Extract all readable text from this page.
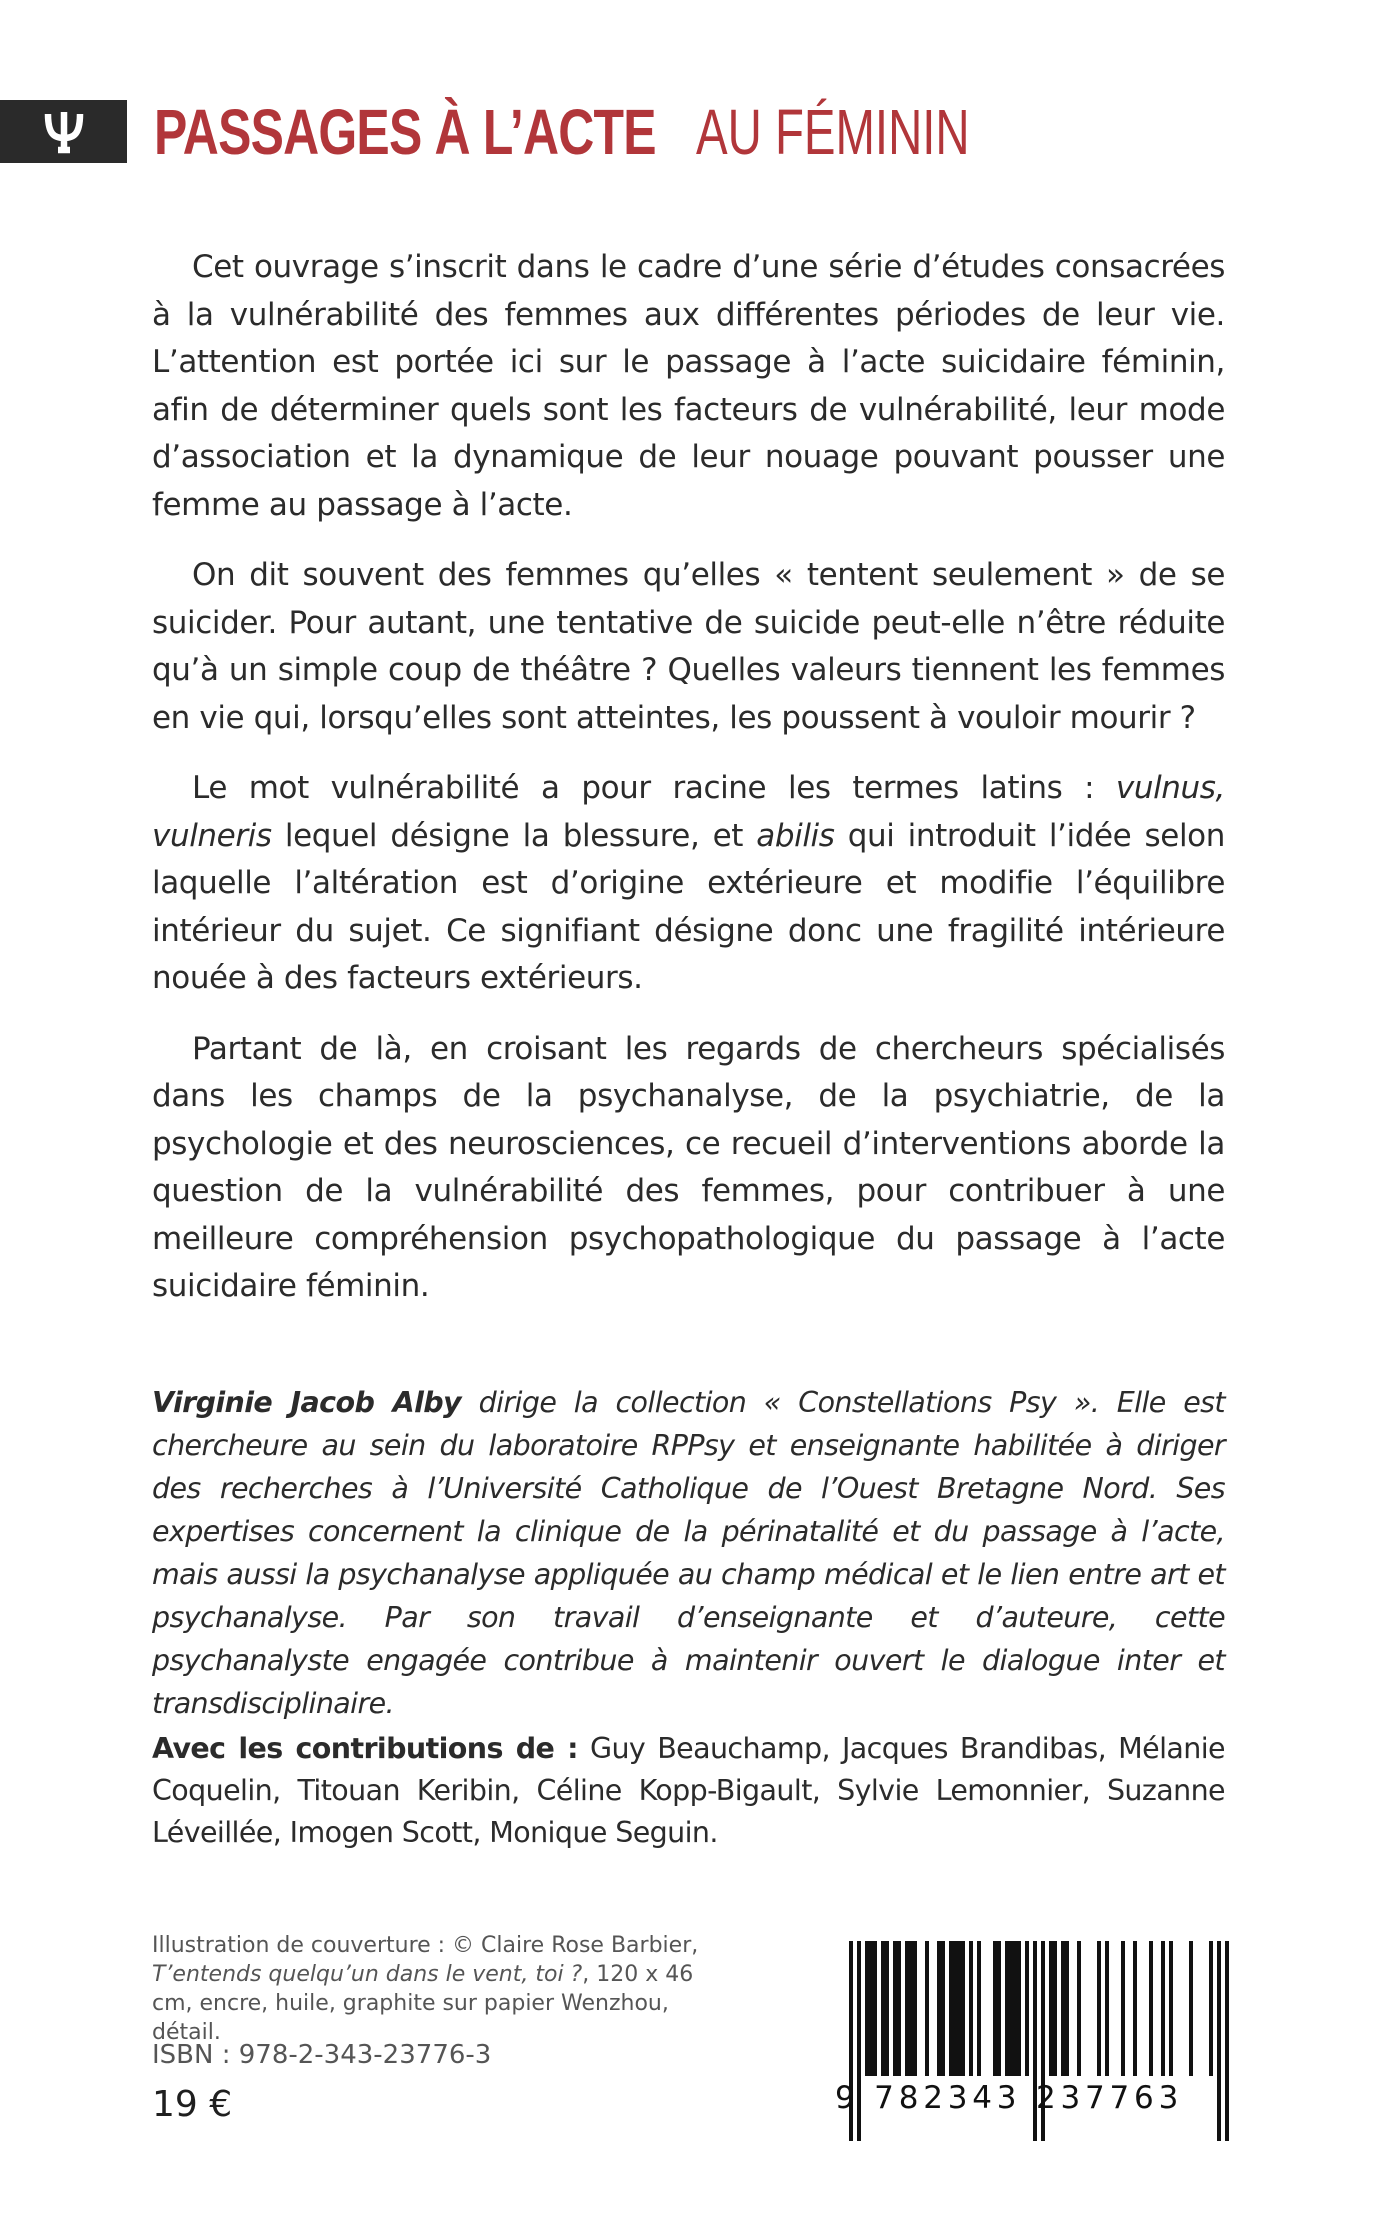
PASSAGES À L’ACTE AU FÉMININ

Cet ouvrage s’inscrit dans le cadre d’une série d’études consacrées à la vulnérabilité des femmes aux différentes périodes de leur vie. L’attention est portée ici sur le passage à l’acte suicidaire féminin, afin de déterminer quels sont les facteurs de vulnérabilité, leur mode d’association et la dynamique de leur nouage pouvant pousser une femme au passage à l’acte.

On dit souvent des femmes qu’elles « tentent seulement » de se suicider. Pour autant, une tentative de suicide peut-elle n’être réduite qu’à un simple coup de théâtre ? Quelles valeurs tiennent les femmes en vie qui, lorsqu’elles sont atteintes, les poussent à vouloir mourir ?

Le mot vulnérabilité a pour racine les termes latins : vulnus, vulneris lequel désigne la blessure, et abilis qui introduit l’idée selon laquelle l’altération est d’origine extérieure et modifie l’équilibre intérieur du sujet. Ce signifiant désigne donc une fragilité intérieure nouée à des facteurs extérieurs.

Partant de là, en croisant les regards de chercheurs spécialisés dans les champs de la psychanalyse, de la psychiatrie, de la psychologie et des neurosciences, ce recueil d’interventions aborde la question de la vulnérabilité des femmes, pour contribuer à une meilleure compréhension psychopathologique du passage à l’acte suicidaire féminin.

Virginie Jacob Alby dirige la collection « Constellations Psy ». Elle est chercheure au sein du laboratoire RPPsy et enseignante habilitée à diriger des recherches à l’Université Catholique de l’Ouest Bretagne Nord. Ses expertises concernent la clinique de la périnatalité et du passage à l’acte, mais aussi la psychanalyse appliquée au champ médical et le lien entre art et psychanalyse. Par son travail d’enseignante et d’auteure, cette psychanalyste engagée contribue à maintenir ouvert le dialogue inter et transdisciplinaire.

Avec les contributions de : Guy Beauchamp, Jacques Brandibas, Mélanie Coquelin, Titouan Keribin, Céline Kopp-Bigault, Sylvie Lemonnier, Suzanne Léveillée, Imogen Scott, Monique Seguin.

Illustration de couverture : © Claire Rose Barbier,
T’entends quelqu’un dans le vent, toi ?, 120 x 46 cm, encre, huile, graphite sur papier Wenzhou, détail.

ISBN : 978-2-343-23776-3
19 €	9 782343 237763
